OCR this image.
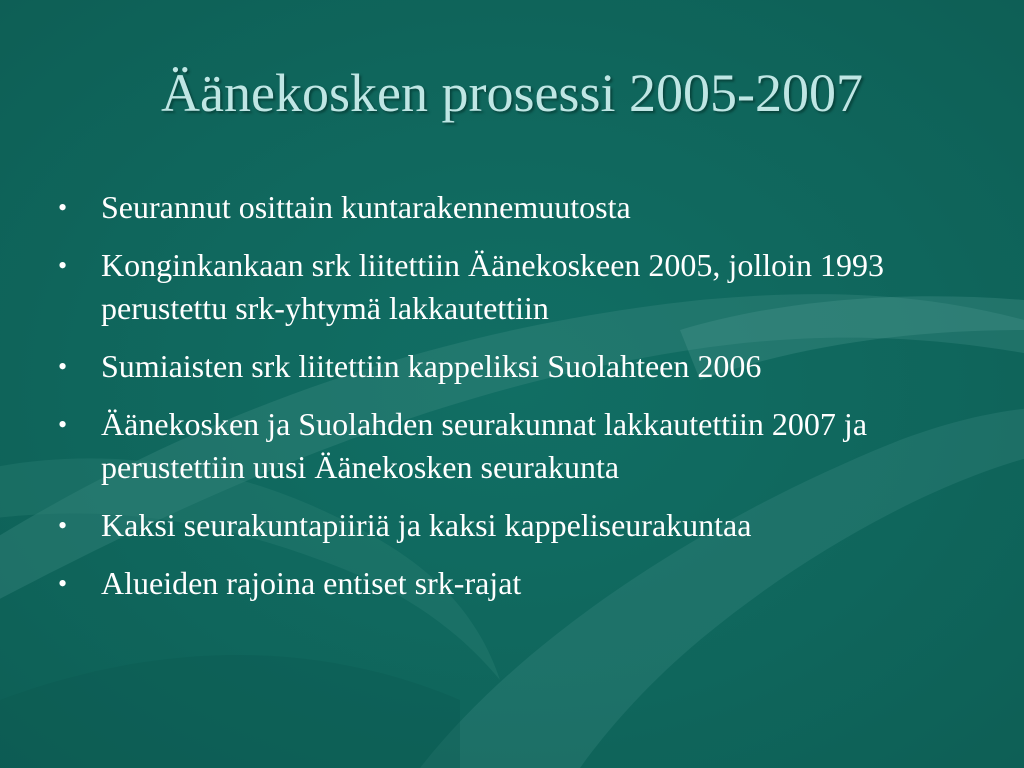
Äänekosken prosessi 2005-2007
•	Seurannut osittain kuntarakennemuutosta
•	Konginkankaan srk liitettiin Äänekoskeen 2005, jolloin 1993 perustettu srk-yhtymä lakkautettiin
•	Sumiaisten srk liitettiin kappeliksi Suolahteen 2006
•	Äänekosken ja Suolahden seurakunnat lakkautettiin 2007 ja perustettiin uusi Äänekosken seurakunta
•	Kaksi seurakuntapiiriä ja kaksi kappeliseurakuntaa
•	Alueiden rajoina entiset srk-rajat
